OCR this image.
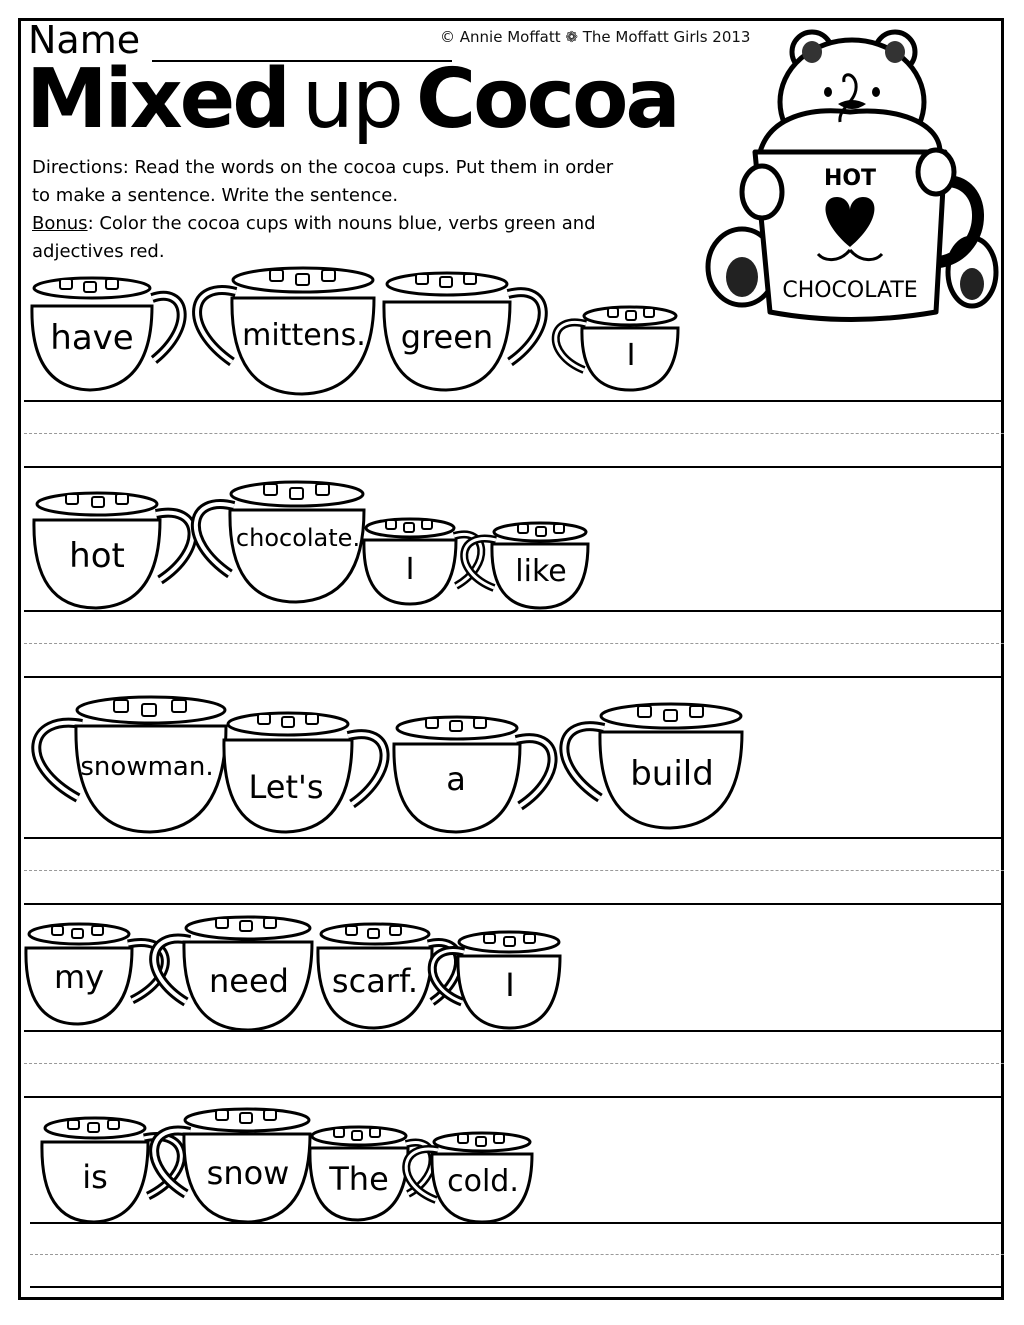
Name	© Annie Moffatt ❁ The Moffatt Girls 2013
Mixed up Cocoa
Directions: Read the words on the cocoa cups. Put them in order
to make a sentence. Write the sentence.
Bonus: Color the cocoa cups with nouns blue, verbs green and
adjectives red.
HOT
CHOCOLATE
have	mittens.	green	I
hot	chocolate.
I	like
snowman.
Let's	a	build
my	need	scarf.	I
is	snow	The	cold.
